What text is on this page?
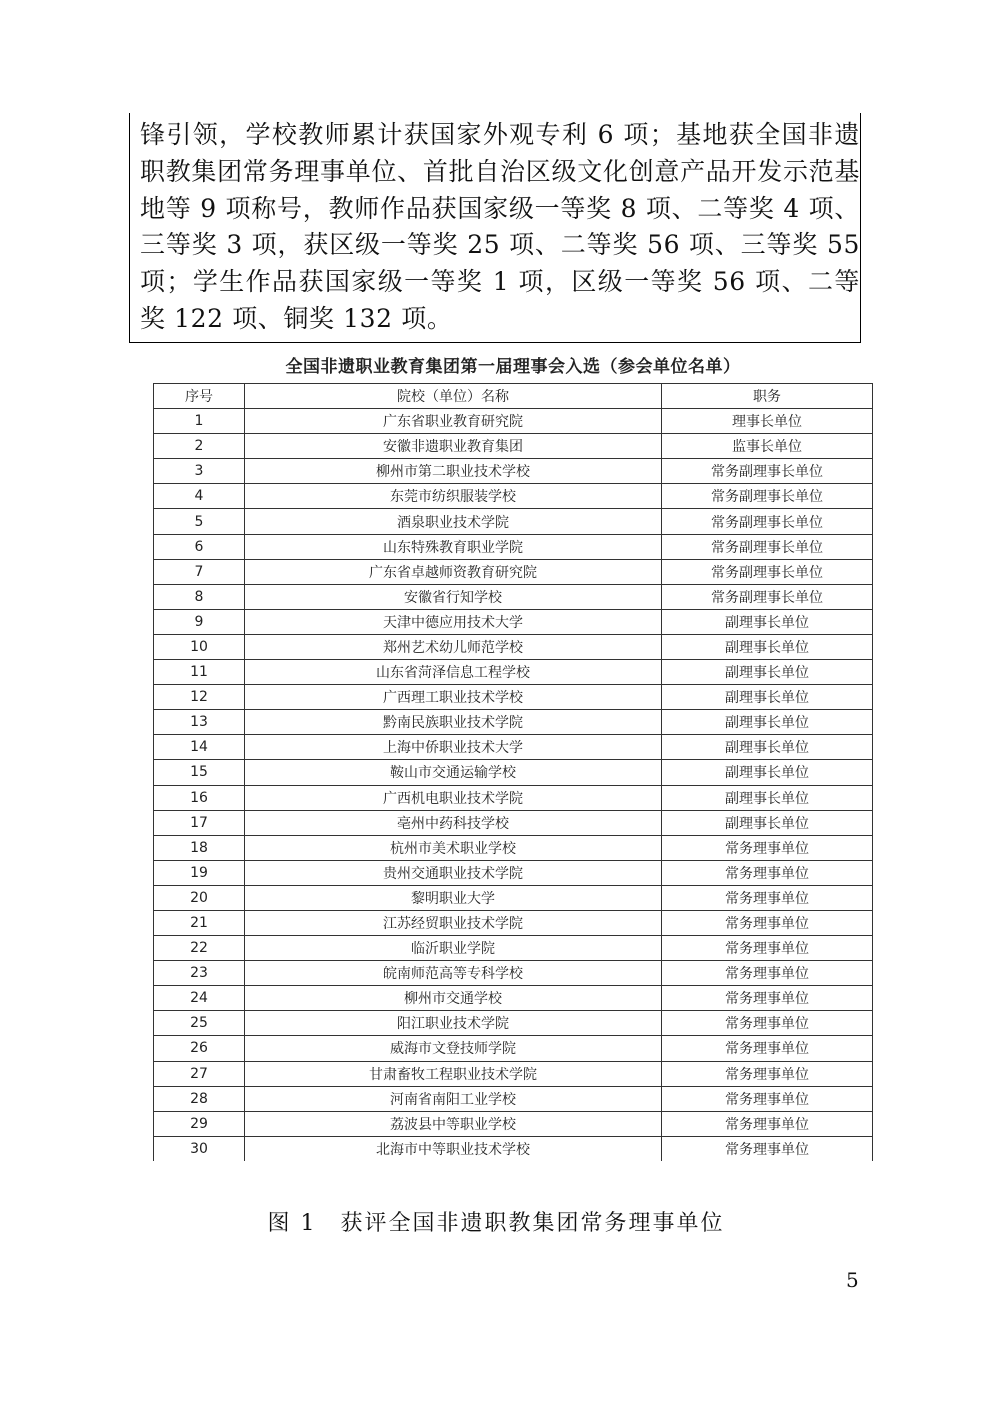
锋引领，学校教师累计获国家外观专利 6 项；基地获全国非遗职教集团常务理事单位、首批自治区级文化创意产品开发示范基地等 9 项称号，教师作品获国家级一等奖 8 项、二等奖 4 项、三等奖 3 项，获区级一等奖 25 项、二等奖 56 项、三等奖 55 项；学生作品获国家级一等奖 1 项，区级一等奖 56 项、二等奖 122 项、铜奖 132 项。
全国非遗职业教育集团第一届理事会入选（参会单位名单）
序号	院校（单位）名称	职务
1	广东省职业教育研究院	理事长单位
2	安徽非遗职业教育集团	监事长单位
3	柳州市第二职业技术学校	常务副理事长单位
4	东莞市纺织服装学校	常务副理事长单位
5	酒泉职业技术学院	常务副理事长单位
6	山东特殊教育职业学院	常务副理事长单位
7	广东省卓越师资教育研究院	常务副理事长单位
8	安徽省行知学校	常务副理事长单位
9	天津中德应用技术大学	副理事长单位
10	郑州艺术幼儿师范学校	副理事长单位
11	山东省菏泽信息工程学校	副理事长单位
12	广西理工职业技术学校	副理事长单位
13	黔南民族职业技术学院	副理事长单位
14	上海中侨职业技术大学	副理事长单位
15	鞍山市交通运输学校	副理事长单位
16	广西机电职业技术学院	副理事长单位
17	亳州中药科技学校	副理事长单位
18	杭州市美术职业学校	常务理事单位
19	贵州交通职业技术学院	常务理事单位
20	黎明职业大学	常务理事单位
21	江苏经贸职业技术学院	常务理事单位
22	临沂职业学院	常务理事单位
23	皖南师范高等专科学校	常务理事单位
24	柳州市交通学校	常务理事单位
25	阳江职业技术学院	常务理事单位
26	威海市文登技师学院	常务理事单位
27	甘肃畜牧工程职业技术学院	常务理事单位
28	河南省南阳工业学校	常务理事单位
29	荔波县中等职业学校	常务理事单位
30	北海市中等职业技术学校	常务理事单位
图 1　获评全国非遗职教集团常务理事单位
5
